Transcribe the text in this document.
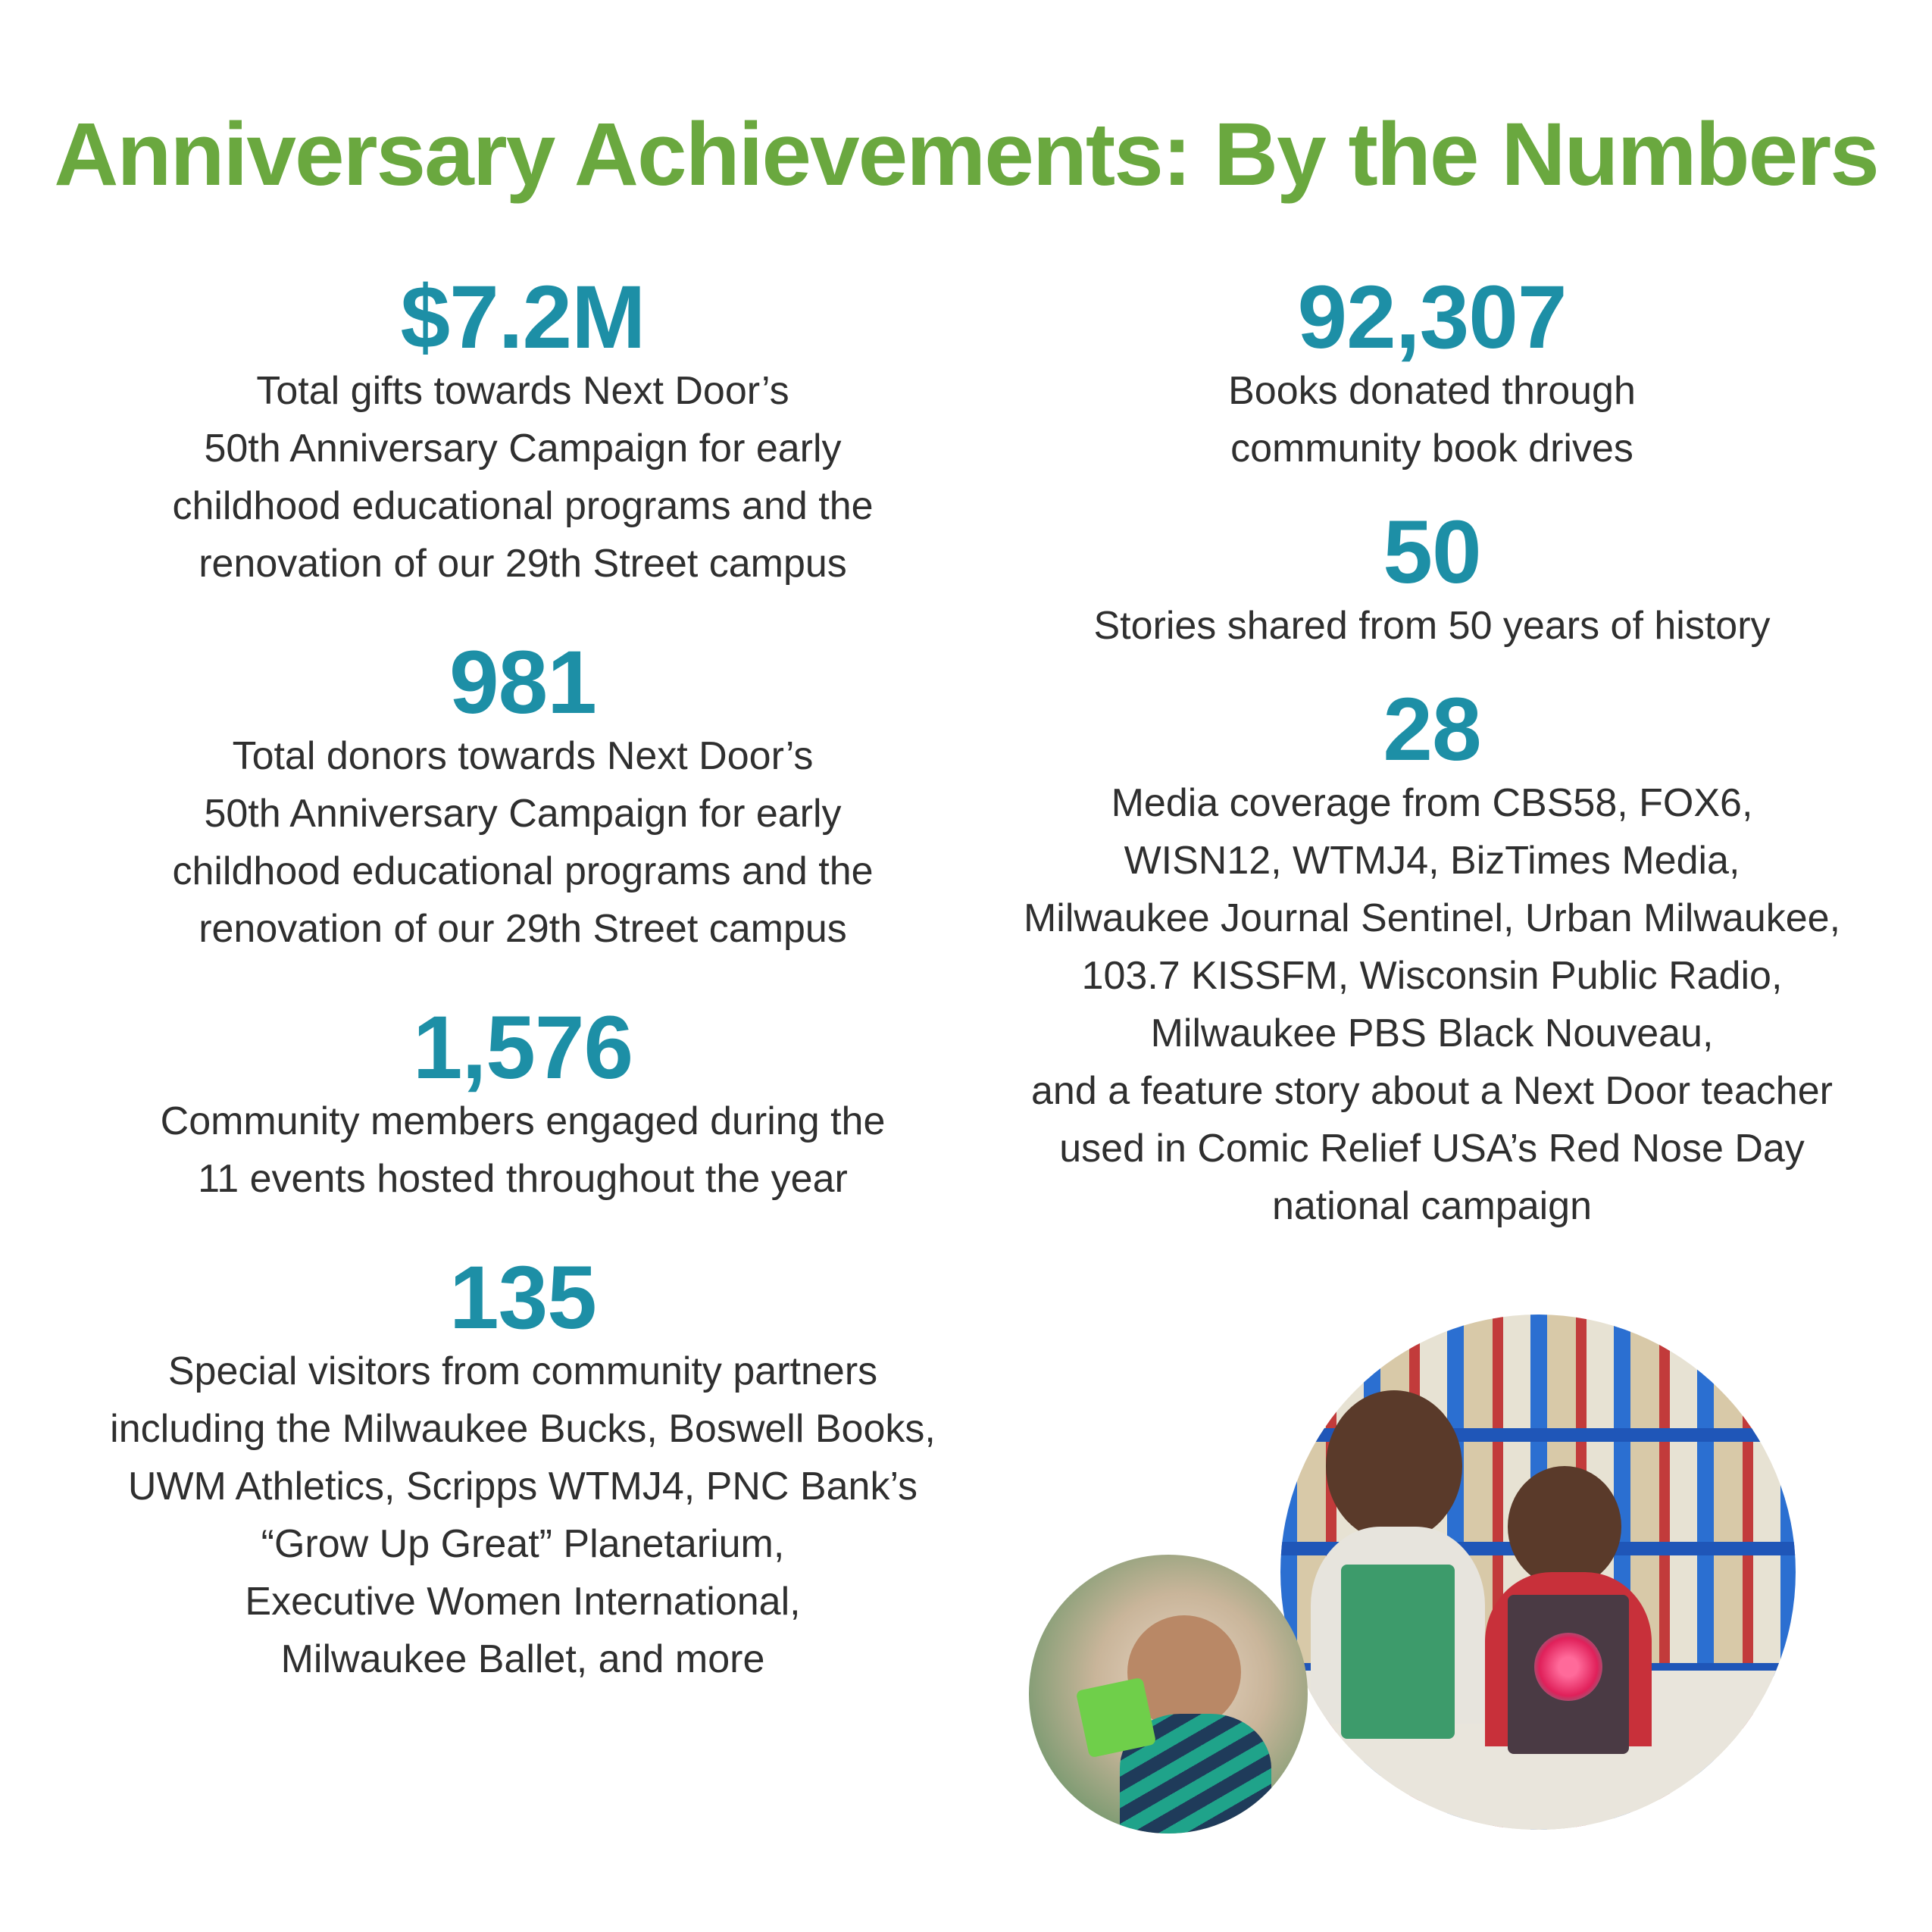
Anniversary Achievements: By the Numbers
$7.2M
Total gifts towards Next Door’s
50th Anniversary Campaign for early
childhood educational programs and the
renovation of our 29th Street campus
981
Total donors towards Next Door’s
50th Anniversary Campaign for early
childhood educational programs and the
renovation of our 29th Street campus
1,576
Community members engaged during the
11 events hosted throughout the year
135
Special visitors from community partners
including the Milwaukee Bucks, Boswell Books,
UWM Athletics, Scripps WTMJ4, PNC Bank’s
“Grow Up Great” Planetarium,
Executive Women International,
Milwaukee Ballet, and more
92,307
Books donated through
community book drives
50
Stories shared from 50 years of history
28
Media coverage from CBS58, FOX6,
WISN12, WTMJ4, BizTimes Media,
Milwaukee Journal Sentinel, Urban Milwaukee,
103.7 KISSFM, Wisconsin Public Radio,
Milwaukee PBS Black Nouveau,
and a feature story about a Next Door teacher
used in Comic Relief USA’s Red Nose Day
national campaign
